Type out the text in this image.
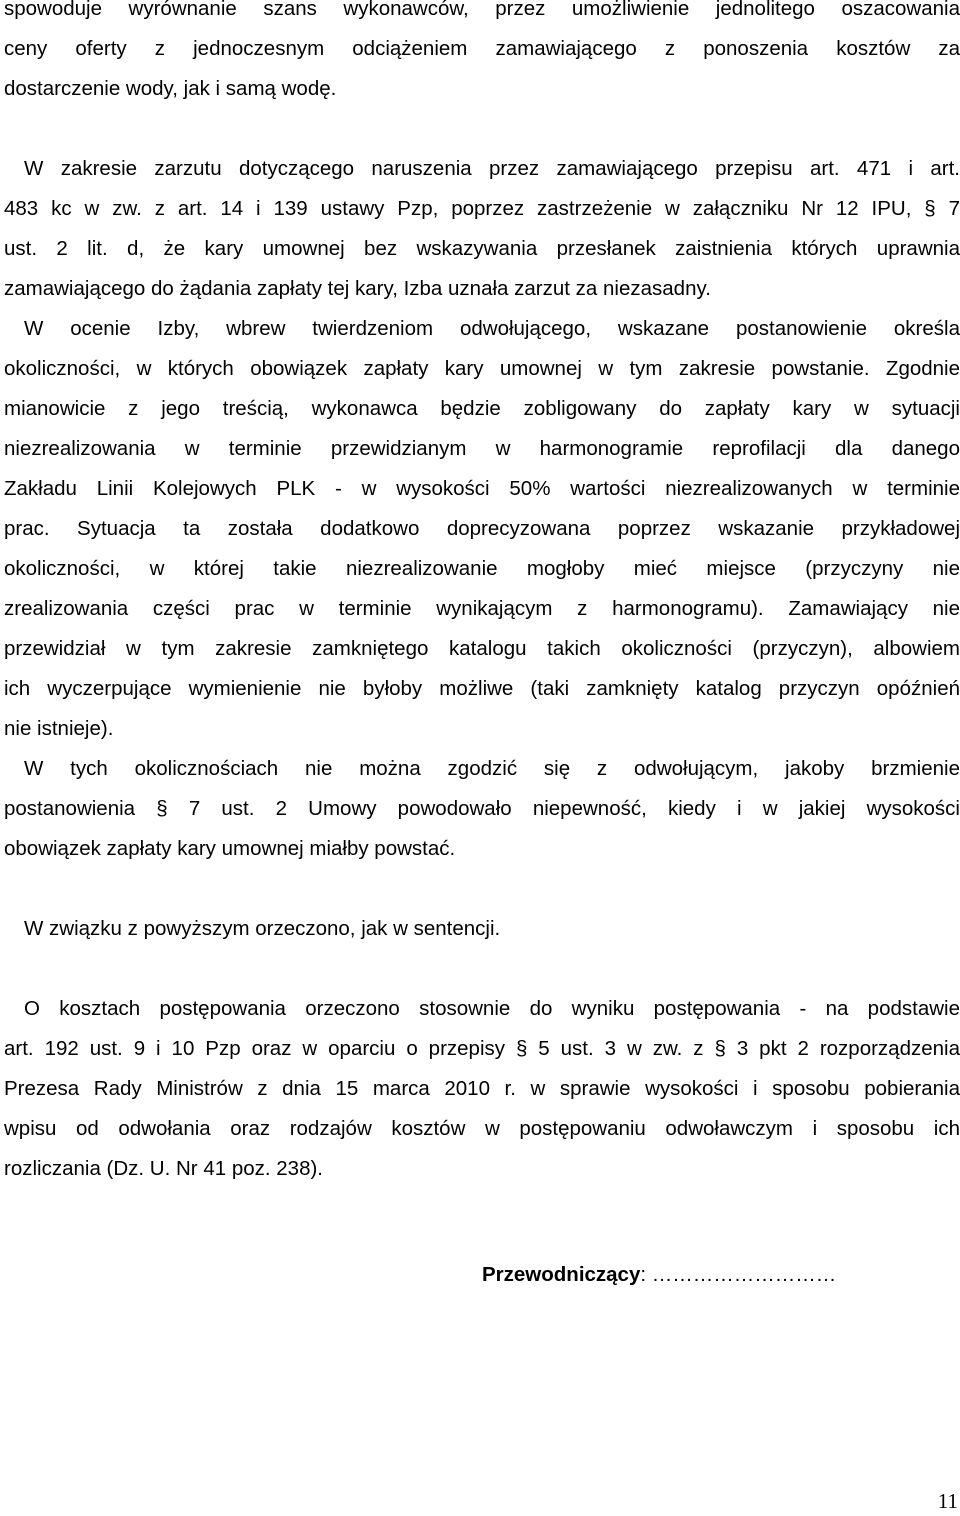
spowoduje wyrównanie szans wykonawców, przez umożliwienie jednolitego oszacowania
ceny oferty z jednoczesnym odciążeniem zamawiającego z ponoszenia kosztów za
dostarczenie wody, jak i samą wodę.
W zakresie zarzutu dotyczącego naruszenia przez zamawiającego przepisu art. 471 i art.
483 kc w zw. z art. 14 i 139 ustawy Pzp, poprzez zastrzeżenie w załączniku Nr 12 IPU, § 7
ust. 2 lit. d, że kary umownej bez wskazywania przesłanek zaistnienia których uprawnia
zamawiającego do żądania zapłaty tej kary, Izba uznała zarzut za niezasadny.
W ocenie Izby, wbrew twierdzeniom odwołującego, wskazane postanowienie określa
okoliczności, w których obowiązek zapłaty kary umownej w tym zakresie powstanie. Zgodnie
mianowicie z jego treścią, wykonawca będzie zobligowany do zapłaty kary w sytuacji
niezrealizowania w terminie przewidzianym w harmonogramie reprofilacji dla danego
Zakładu Linii Kolejowych PLK - w wysokości 50% wartości niezrealizowanych w terminie
prac. Sytuacja ta została dodatkowo doprecyzowana poprzez wskazanie przykładowej
okoliczności, w której takie niezrealizowanie mogłoby mieć miejsce (przyczyny nie
zrealizowania części prac w terminie wynikającym z harmonogramu). Zamawiający nie
przewidział w tym zakresie zamkniętego katalogu takich okoliczności (przyczyn), albowiem
ich wyczerpujące wymienienie nie byłoby możliwe (taki zamknięty katalog przyczyn opóźnień
nie istnieje).
W tych okolicznościach nie można zgodzić się z odwołującym, jakoby brzmienie
postanowienia § 7 ust. 2 Umowy powodowało niepewność, kiedy i w jakiej wysokości
obowiązek zapłaty kary umownej miałby powstać.
W związku z powyższym orzeczono, jak w sentencji.
O kosztach postępowania orzeczono stosownie do wyniku postępowania - na podstawie
art. 192 ust. 9 i 10 Pzp oraz w oparciu o przepisy § 5 ust. 3 w zw. z § 3 pkt 2 rozporządzenia
Prezesa Rady Ministrów z dnia 15 marca 2010 r. w sprawie wysokości i sposobu pobierania
wpisu od odwołania oraz rodzajów kosztów w postępowaniu odwoławczym i sposobu ich
rozliczania (Dz. U. Nr 41 poz. 238).
Przewodniczący: ………………………
11
